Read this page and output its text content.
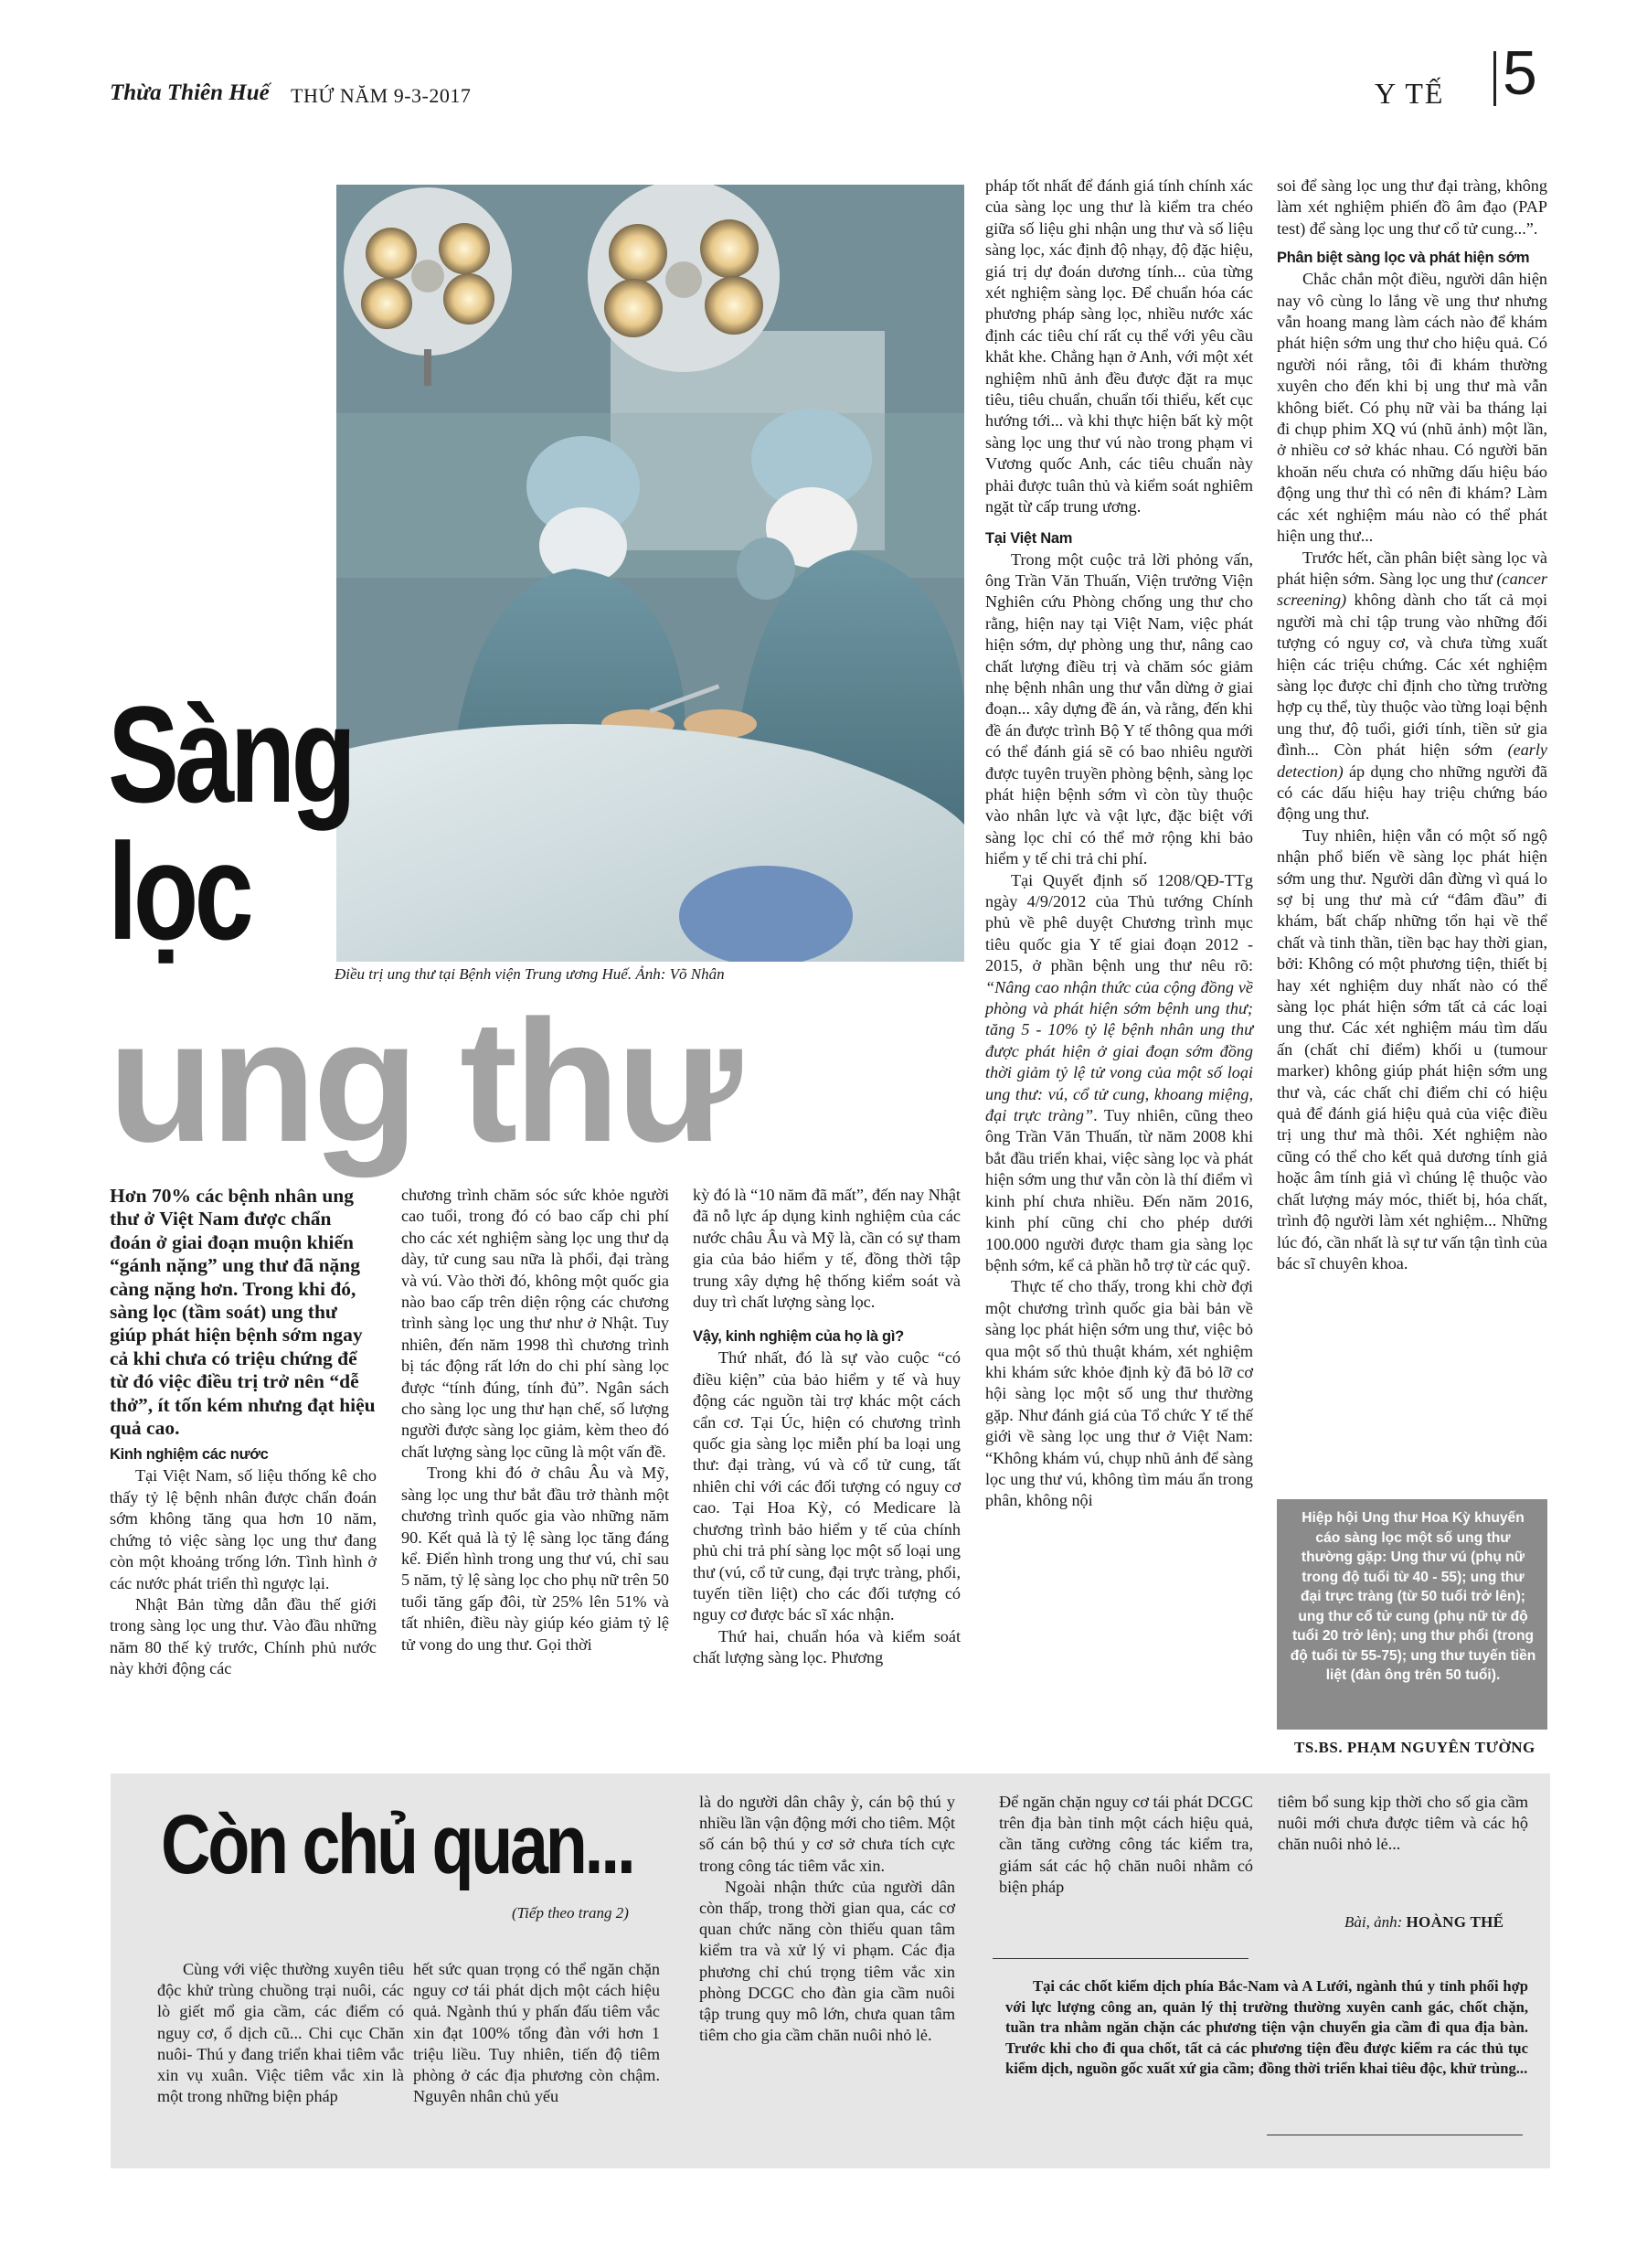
Thừa Thiên Huế THỨ NĂM 9-3-2017	Y TẾ 5
Điều trị ung thư tại Bệnh viện Trung ương Huế. Ảnh: Võ Nhân
Sàng
lọc
ung thư

Hơn 70% các bệnh nhân ung thư ở Việt Nam được chẩn đoán ở giai đoạn muộn khiến “gánh nặng” ung thư đã nặng càng nặng hơn. Trong khi đó, sàng lọc (tầm soát) ung thư giúp phát hiện bệnh sớm ngay cả khi chưa có triệu chứng để từ đó việc điều trị trở nên “dễ thở”, ít tốn kém nhưng đạt hiệu quả cao.

Kinh nghiệm các nước

Tại Việt Nam, số liệu thống kê cho thấy tỷ lệ bệnh nhân được chẩn đoán sớm không tăng qua hơn 10 năm, chứng tỏ việc sàng lọc ung thư đang còn một khoảng trống lớn. Tình hình ở các nước phát triển thì ngược lại.

Nhật Bản từng dẫn đầu thế giới trong sàng lọc ung thư. Vào đầu những năm 80 thế kỷ trước, Chính phủ nước này khởi động các

chương trình chăm sóc sức khỏe người cao tuổi, trong đó có bao cấp chi phí cho các xét nghiệm sàng lọc ung thư dạ dày, tử cung sau nữa là phổi, đại tràng và vú. Vào thời đó, không một quốc gia nào bao cấp trên diện rộng các chương trình sàng lọc ung thư như ở Nhật. Tuy nhiên, đến năm 1998 thì chương trình bị tác động rất lớn do chi phí sàng lọc được “tính đúng, tính đủ”. Ngân sách cho sàng lọc ung thư hạn chế, số lượng người được sàng lọc giảm, kèm theo đó chất lượng sàng lọc cũng là một vấn đề.

Trong khi đó ở châu Âu và Mỹ, sàng lọc ung thư bắt đầu trở thành một chương trình quốc gia vào những năm 90. Kết quả là tỷ lệ sàng lọc tăng đáng kể. Điển hình trong ung thư vú, chỉ sau 5 năm, tỷ lệ sàng lọc cho phụ nữ trên 50 tuổi tăng gấp đôi, từ 25% lên 51% và tất nhiên, điều này giúp kéo giảm tỷ lệ tử vong do ung thư. Gọi thời

kỳ đó là “10 năm đã mất”, đến nay Nhật đã nỗ lực áp dụng kinh nghiệm của các nước châu Âu và Mỹ là, cần có sự tham gia của bảo hiểm y tế, đồng thời tập trung xây dựng hệ thống kiểm soát và duy trì chất lượng sàng lọc.

Vậy, kinh nghiệm của họ là gì?

Thứ nhất, đó là sự vào cuộc “có điều kiện” của bảo hiểm y tế và huy động các nguồn tài trợ khác một cách cẩn cơ. Tại Úc, hiện có chương trình quốc gia sàng lọc miễn phí ba loại ung thư: đại tràng, vú và cổ tử cung, tất nhiên chỉ với các đối tượng có nguy cơ cao. Tại Hoa Kỳ, có Medicare là chương trình bảo hiểm y tế của chính phủ chi trả phí sàng lọc một số loại ung thư (vú, cổ tử cung, đại trực tràng, phổi, tuyến tiền liệt) cho các đối tượng có nguy cơ được bác sĩ xác nhận.

Thứ hai, chuẩn hóa và kiểm soát chất lượng sàng lọc. Phương

pháp tốt nhất để đánh giá tính chính xác của sàng lọc ung thư là kiểm tra chéo giữa số liệu ghi nhận ung thư và số liệu sàng lọc, xác định độ nhạy, độ đặc hiệu, giá trị dự đoán dương tính... của từng xét nghiệm sàng lọc. Để chuẩn hóa các phương pháp sàng lọc, nhiều nước xác định các tiêu chí rất cụ thể với yêu cầu khắt khe. Chẳng hạn ở Anh, với một xét nghiệm nhũ ảnh đều được đặt ra mục tiêu, tiêu chuẩn, chuẩn tối thiểu, kết cục hướng tới... và khi thực hiện bất kỳ một sàng lọc ung thư vú nào trong phạm vi Vương quốc Anh, các tiêu chuẩn này phải được tuân thủ và kiểm soát nghiêm ngặt từ cấp trung ương.

Tại Việt Nam

Trong một cuộc trả lời phỏng vấn, ông Trần Văn Thuấn, Viện trưởng Viện Nghiên cứu Phòng chống ung thư cho rằng, hiện nay tại Việt Nam, việc phát hiện sớm, dự phòng ung thư, nâng cao chất lượng điều trị và chăm sóc giảm nhẹ bệnh nhân ung thư vẫn dừng ở giai đoạn... xây dựng đề án, và rằng, đến khi đề án được trình Bộ Y tế thông qua mới có thể đánh giá sẽ có bao nhiêu người được tuyên truyền phòng bệnh, sàng lọc phát hiện bệnh sớm vì còn tùy thuộc vào nhân lực và vật lực, đặc biệt với sàng lọc chỉ có thể mở rộng khi bảo hiểm y tế chi trả chi phí.

Tại Quyết định số 1208/QĐ-TTg ngày 4/9/2012 của Thủ tướng Chính phủ về phê duyệt Chương trình mục tiêu quốc gia Y tế giai đoạn 2012 - 2015, ở phần bệnh ung thư nêu rõ: “Nâng cao nhận thức của cộng đồng về phòng và phát hiện sớm bệnh ung thư; tăng 5 - 10% tỷ lệ bệnh nhân ung thư được phát hiện ở giai đoạn sớm đồng thời giảm tỷ lệ tử vong của một số loại ung thư: vú, cổ tử cung, khoang miệng, đại trực tràng”. Tuy nhiên, cũng theo ông Trần Văn Thuấn, từ năm 2008 khi bắt đầu triển khai, việc sàng lọc và phát hiện sớm ung thư vẫn còn là thí điểm vì kinh phí chưa nhiều. Đến năm 2016, kinh phí cũng chỉ cho phép dưới 100.000 người được tham gia sàng lọc bệnh sớm, kể cả phần hỗ trợ từ các quỹ.

Thực tế cho thấy, trong khi chờ đợi một chương trình quốc gia bài bản về sàng lọc phát hiện sớm ung thư, việc bỏ qua một số thủ thuật khám, xét nghiệm khi khám sức khỏe định kỳ đã bỏ lỡ cơ hội sàng lọc một số ung thư thường gặp. Như đánh giá của Tổ chức Y tế thế giới về sàng lọc ung thư ở Việt Nam: “Không khám vú, chụp nhũ ảnh để sàng lọc ung thư vú, không tìm máu ẩn trong phân, không nội

soi để sàng lọc ung thư đại tràng, không làm xét nghiệm phiến đồ âm đạo (PAP test) để sàng lọc ung thư cổ tử cung...”.

Phân biệt sàng lọc và phát hiện sớm

Chắc chắn một điều, người dân hiện nay vô cùng lo lắng về ung thư nhưng vẫn hoang mang làm cách nào để khám phát hiện sớm ung thư cho hiệu quả. Có người nói rằng, tôi đi khám thường xuyên cho đến khi bị ung thư mà vẫn không biết. Có phụ nữ vài ba tháng lại đi chụp phim XQ vú (nhũ ảnh) một lần, ở nhiều cơ sở khác nhau. Có người băn khoăn nếu chưa có những dấu hiệu báo động ung thư thì có nên đi khám? Làm các xét nghiệm máu nào có thể phát hiện ung thư...

Trước hết, cần phân biệt sàng lọc và phát hiện sớm. Sàng lọc ung thư (cancer screening) không dành cho tất cả mọi người mà chỉ tập trung vào những đối tượng có nguy cơ, và chưa từng xuất hiện các triệu chứng. Các xét nghiệm sàng lọc được chỉ định cho từng trường hợp cụ thể, tùy thuộc vào từng loại bệnh ung thư, độ tuổi, giới tính, tiền sử gia đình... Còn phát hiện sớm (early detection) áp dụng cho những người đã có các dấu hiệu hay triệu chứng báo động ung thư.

Tuy nhiên, hiện vẫn có một số ngộ nhận phổ biến về sàng lọc phát hiện sớm ung thư. Người dân đừng vì quá lo sợ bị ung thư mà cứ “đâm đầu” đi khám, bất chấp những tổn hại về thể chất và tinh thần, tiền bạc hay thời gian, bởi: Không có một phương tiện, thiết bị hay xét nghiệm duy nhất nào có thể sàng lọc phát hiện sớm tất cả các loại ung thư. Các xét nghiệm máu tìm dấu ấn (chất chỉ điểm) khối u (tumour marker) không giúp phát hiện sớm ung thư và, các chất chỉ điểm chỉ có hiệu quả để đánh giá hiệu quả của việc điều trị ung thư mà thôi. Xét nghiệm nào cũng có thể cho kết quả dương tính giả hoặc âm tính giả vì chúng lệ thuộc vào chất lượng máy móc, thiết bị, hóa chất, trình độ người làm xét nghiệm... Những lúc đó, cần nhất là sự tư vấn tận tình của bác sĩ chuyên khoa.

Hiệp hội Ung thư Hoa Kỳ khuyến cáo sàng lọc một số ung thư thường gặp: Ung thư vú (phụ nữ trong độ tuổi từ 40 - 55); ung thư đại trực tràng (từ 50 tuổi trở lên); ung thư cổ tử cung (phụ nữ từ độ tuổi 20 trở lên); ung thư phổi (trong độ tuổi từ 55-75); ung thư tuyến tiền liệt (đàn ông trên 50 tuổi).
TS.BS. PHẠM NGUYÊN TƯỜNG
Còn chủ quan...
(Tiếp theo trang 2)

Cùng với việc thường xuyên tiêu độc khử trùng chuồng trại nuôi, các lò giết mổ gia cầm, các điểm có nguy cơ, ổ dịch cũ... Chi cục Chăn nuôi- Thú y đang triển khai tiêm vắc xin vụ xuân. Việc tiêm vắc xin là một trong những biện pháp

hết sức quan trọng có thể ngăn chặn nguy cơ tái phát dịch một cách hiệu quả. Ngành thú y phấn đấu tiêm vắc xin đạt 100% tổng đàn với hơn 1 triệu liều. Tuy nhiên, tiến độ tiêm phòng ở các địa phương còn chậm. Nguyên nhân chủ yếu

là do người dân chây ỳ, cán bộ thú y nhiều lần vận động mới cho tiêm. Một số cán bộ thú y cơ sở chưa tích cực trong công tác tiêm vắc xin.

Ngoài nhận thức của người dân còn thấp, trong thời gian qua, các cơ quan chức năng còn thiếu quan tâm kiểm tra và xử lý vi phạm. Các địa phương chỉ chú trọng tiêm vắc xin phòng DCGC cho đàn gia cầm nuôi tập trung quy mô lớn, chưa quan tâm tiêm cho gia cầm chăn nuôi nhỏ lẻ.

Để ngăn chặn nguy cơ tái phát DCGC trên địa bàn tỉnh một cách hiệu quả, cần tăng cường công tác kiểm tra, giám sát các hộ chăn nuôi nhằm có biện pháp

tiêm bổ sung kịp thời cho số gia cầm nuôi mới chưa được tiêm và các hộ chăn nuôi nhỏ lẻ...

Bài, ảnh: HOÀNG THẾ
Tại các chốt kiểm dịch phía Bắc-Nam và A Lưới, ngành thú y tỉnh phối hợp với lực lượng công an, quản lý thị trường thường xuyên canh gác, chốt chặn, tuần tra nhằm ngăn chặn các phương tiện vận chuyển gia cầm đi qua địa bàn. Trước khi cho đi qua chốt, tất cả các phương tiện đều được kiểm ra các thủ tục kiểm dịch, nguồn gốc xuất xứ gia cầm; đồng thời triển khai tiêu độc, khử trùng...
